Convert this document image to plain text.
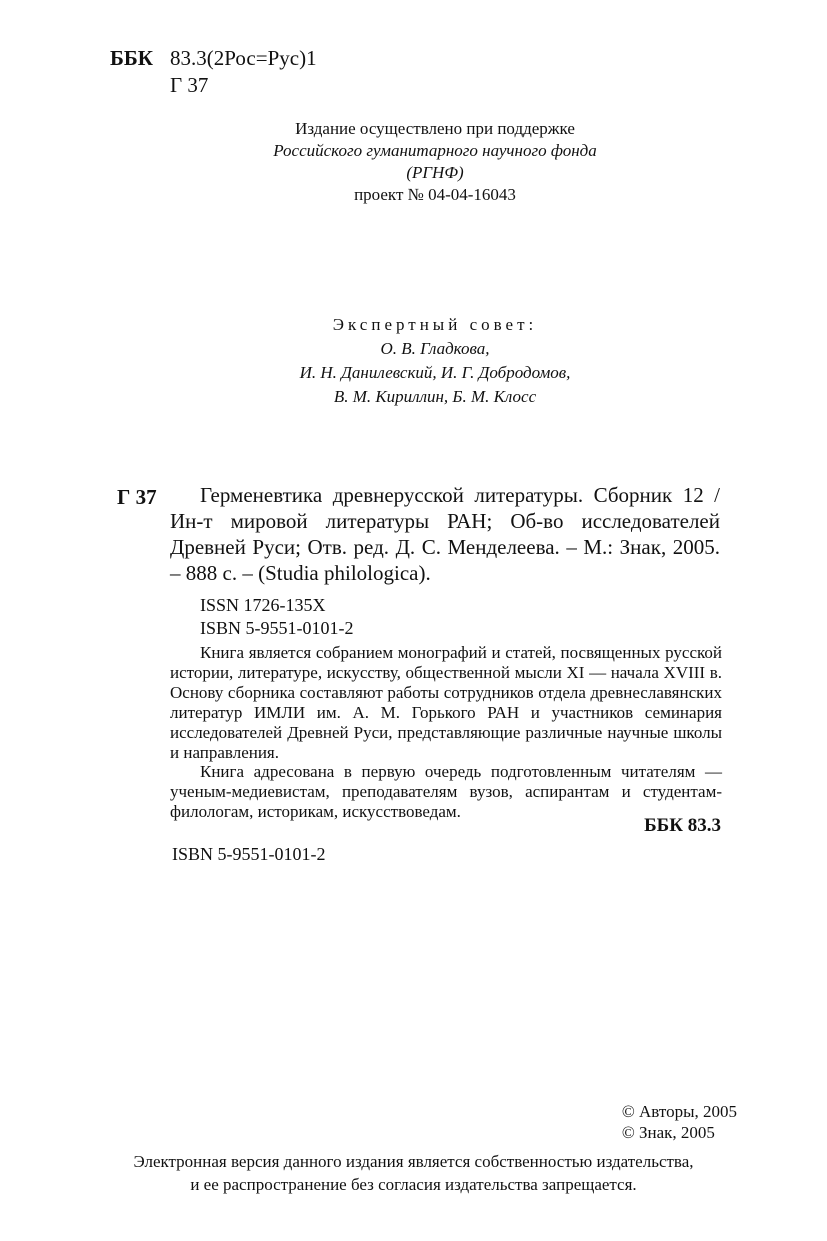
ББК 83.3(2Рос=Рус)1
Г 37
Издание осуществлено при поддержке
Российского гуманитарного научного фонда
(РГНФ)
проект № 04-04-16043
Экспертный совет:
О. В. Гладкова,
И. Н. Данилевский, И. Г. Добродомов,
В. М. Кириллин, Б. М. Клосс
Г 37	Герменевтика древнерусской литературы. Сборник 12 / Ин-т мировой литературы РАН; Об-во исследователей Древней Руси; Отв. ред. Д. С. Менделеева. – М.: Знак, 2005. – 888 с. – (Studia philologica).
ISSN 1726-135X
ISBN 5-9551-0101-2
Книга является собранием монографий и статей, посвященных русской истории, литературе, искусству, общественной мысли XI — начала XVIII в. Основу сборника составляют работы сотрудников отдела древнеславянских литератур ИМЛИ им. А. М. Горького РАН и участников семинария исследователей Древней Руси, представляющие различные научные школы и направления.
Книга адресована в первую очередь подготовленным читателям — ученым-медиевистам, преподавателям вузов, аспирантам и студентам-филологам, историкам, искусствоведам.
ББК 83.3
ISBN 5-9551-0101-2
© Авторы, 2005
© Знак, 2005
Электронная версия данного издания является собственностью издательства,
и ее распространение без согласия издательства запрещается.
